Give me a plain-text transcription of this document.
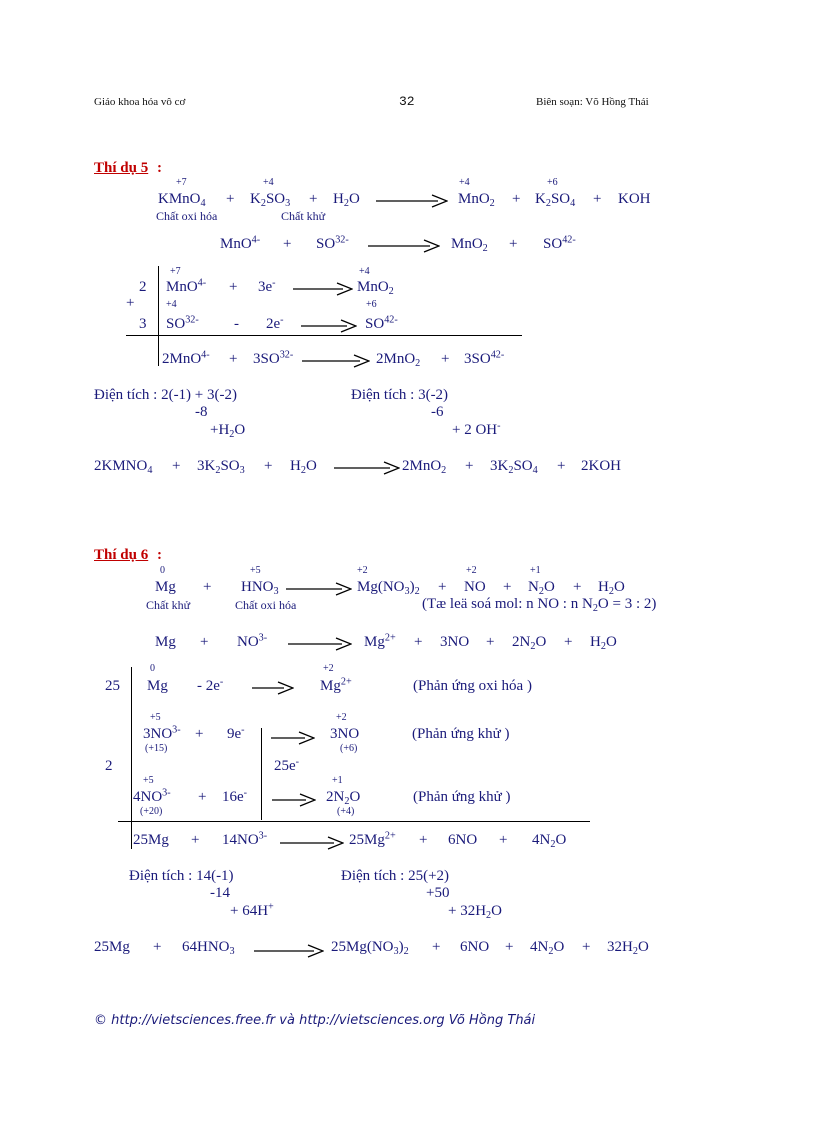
Giáo khoa hóa vô cơ	32	Biên soạn: Võ Hồng Thái
Thí dụ 5 :
+7	+4	+4	+6
KMnO$_4$ + $K_2SO_3 + H_2O$	$MnO_2 + K_2SO_4$ + KOH
Chất oxi hóa	Chất khử
$MnO^{4-} + SO^{32-}$	$MnO_2 + SO^{42-}$
2
+7	+4
MnO$^{4-}$ + 3e- → MnO$_2$
+
3
+4	+6
$SO^{32-} - 2e^- \to SO^{42-}$
$2MnO^{4-} + 3SO^{32-}$	$2MnO_2 + 3SO^{42-}$
Điện tích : 2(-1) + 3(-2)
-8
$+H_2O$
Điện tích : 3(-2)
-6
+ 2 OH-
$2KMNO_4 + 3K_2SO_3 + H_2O$	$2MnO_2 + 3K_2SO_4 + 2KOH$
Thí dụ 6 :
0	+5	+2	+2	+1
$Mg + HNO_3$	$Mg(NO_3)_2$ + NO + $N_2O + H_2O$
Chất khử	Chất oxi hóa	(Tæ leä soá mol: n NO : n $N_2O = 3$ : 2)
$Mg + NO^{3-} \to Mg^{2+} + 3NO + 2N_2O + H_2O$
25
0	+2
Mg - 2e-	$Mg^{2+}$	(Phản ứng oxi hóa )
+5	+2
$3NO^{3-} + 9e^- \to 3NO$	(Phản ứng khử )
(+15)	(+6)
2	25e-
+5	+1
$4NO^{3-} + 16e^- \to 2N_2O$	(Phản ứng khử )
(+20)	(+4)
$25Mg + 14NO^{3-} \to 25Mg^{2+} + 6NO + 4N_2O$
Điện tích : 14(-1)
-14
+ 64H+
Điện tích : 25(+2)
+50
+ $32H_2O$
$25Mg + 64HNO_3$	$25Mg(NO_3)_2 + 6NO + 4N_2O + 32H_2O$
© http://vietsciences.free.fr và http://vietsciences.org Võ Hồng Thái
